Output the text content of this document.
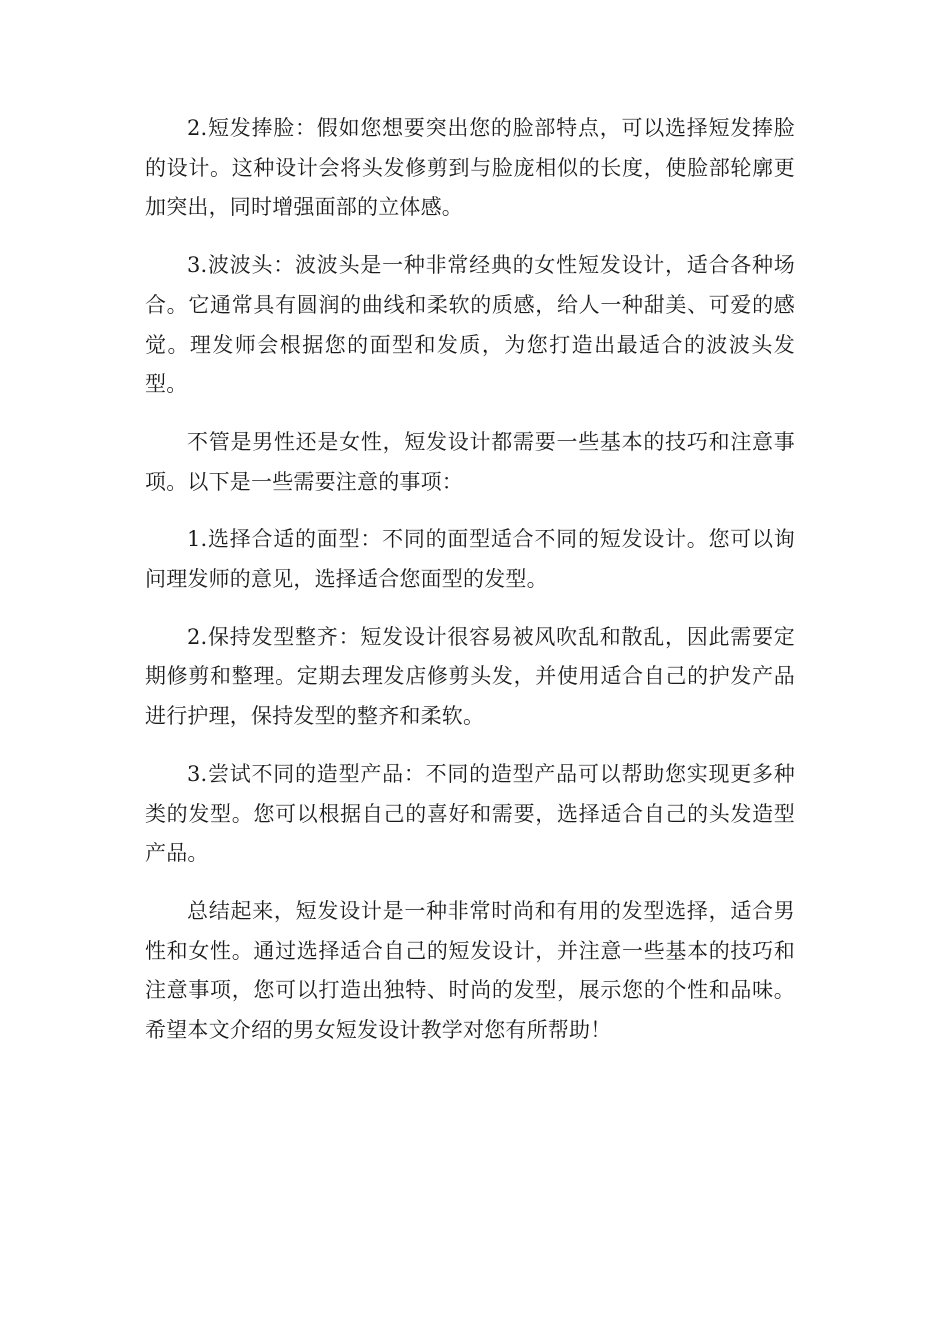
2.短发捧脸：假如您想要突出您的脸部特点，可以选择短发捧脸的设计。这种设计会将头发修剪到与脸庞相似的长度，使脸部轮廓更加突出，同时增强面部的立体感。

3.波波头：波波头是一种非常经典的女性短发设计，适合各种场合。它通常具有圆润的曲线和柔软的质感，给人一种甜美、可爱的感觉。理发师会根据您的面型和发质，为您打造出最适合的波波头发型。

不管是男性还是女性，短发设计都需要一些基本的技巧和注意事项。以下是一些需要注意的事项：

1.选择合适的面型：不同的面型适合不同的短发设计。您可以询问理发师的意见，选择适合您面型的发型。

2.保持发型整齐：短发设计很容易被风吹乱和散乱，因此需要定期修剪和整理。定期去理发店修剪头发，并使用适合自己的护发产品进行护理，保持发型的整齐和柔软。

3.尝试不同的造型产品：不同的造型产品可以帮助您实现更多种类的发型。您可以根据自己的喜好和需要，选择适合自己的头发造型产品。

总结起来，短发设计是一种非常时尚和有用的发型选择，适合男性和女性。通过选择适合自己的短发设计，并注意一些基本的技巧和注意事项，您可以打造出独特、时尚的发型，展示您的个性和品味。希望本文介绍的男女短发设计教学对您有所帮助！
